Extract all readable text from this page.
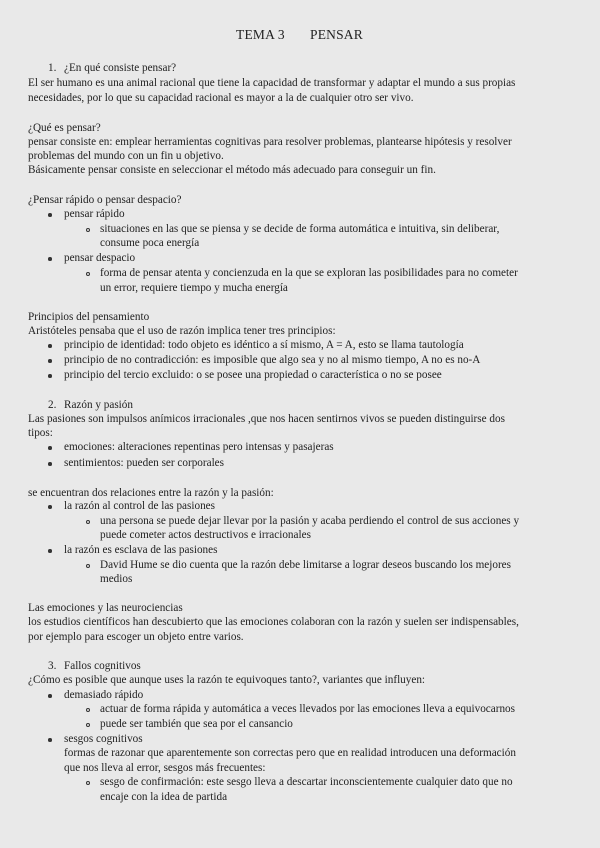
TEMA 3 PENSAR
1. ¿En qué consiste pensar?
El ser humano es una animal racional que tiene la capacidad de transformar y adaptar el mundo a sus propias
necesidades, por lo que su capacidad racional es mayor a la de cualquier otro ser vivo.
¿Qué es pensar?
pensar consiste en: emplear herramientas cognitivas para resolver problemas, plantearse hipótesis y resolver
problemas del mundo con un fin u objetivo.
Básicamente pensar consiste en seleccionar el método más adecuado para conseguir un fin.
¿Pensar rápido o pensar despacio?
pensar rápido
situaciones en las que se piensa y se decide de forma automática e intuitiva, sin deliberar,
consume poca energía
pensar despacio
forma de pensar atenta y concienzuda en la que se exploran las posibilidades para no cometer
un error, requiere tiempo y mucha energía
Principios del pensamiento
Aristóteles pensaba que el uso de razón implica tener tres principios:
principio de identidad: todo objeto es idéntico a sí mismo, A = A, esto se llama tautología
principio de no contradicción: es imposible que algo sea y no al mismo tiempo, A no es no-A
principio del tercio excluido: o se posee una propiedad o característica o no se posee
2. Razón y pasión
Las pasiones son impulsos anímicos irracionales ,que nos hacen sentirnos vivos se pueden distinguirse dos
tipos:
emociones: alteraciones repentinas pero intensas y pasajeras
sentimientos: pueden ser corporales
se encuentran dos relaciones entre la razón y la pasión:
la razón al control de las pasiones
una persona se puede dejar llevar por la pasión y acaba perdiendo el control de sus acciones y
puede cometer actos destructivos e irracionales
la razón es esclava de las pasiones
David Hume se dio cuenta que la razón debe limitarse a lograr deseos buscando los mejores
medios
Las emociones y las neurociencias
los estudios científicos han descubierto que las emociones colaboran con la razón y suelen ser indispensables,
por ejemplo para escoger un objeto entre varios.
3. Fallos cognitivos
¿Cómo es posible que aunque uses la razón te equivoques tanto?, variantes que influyen:
demasiado rápido
actuar de forma rápida y automática a veces llevados por las emociones lleva a equivocarnos
puede ser también que sea por el cansancio
sesgos cognitivos
formas de razonar que aparentemente son correctas pero que en realidad introducen una deformación
que nos lleva al error, sesgos más frecuentes:
sesgo de confirmación: este sesgo lleva a descartar inconscientemente cualquier dato que no
encaje con la idea de partida
